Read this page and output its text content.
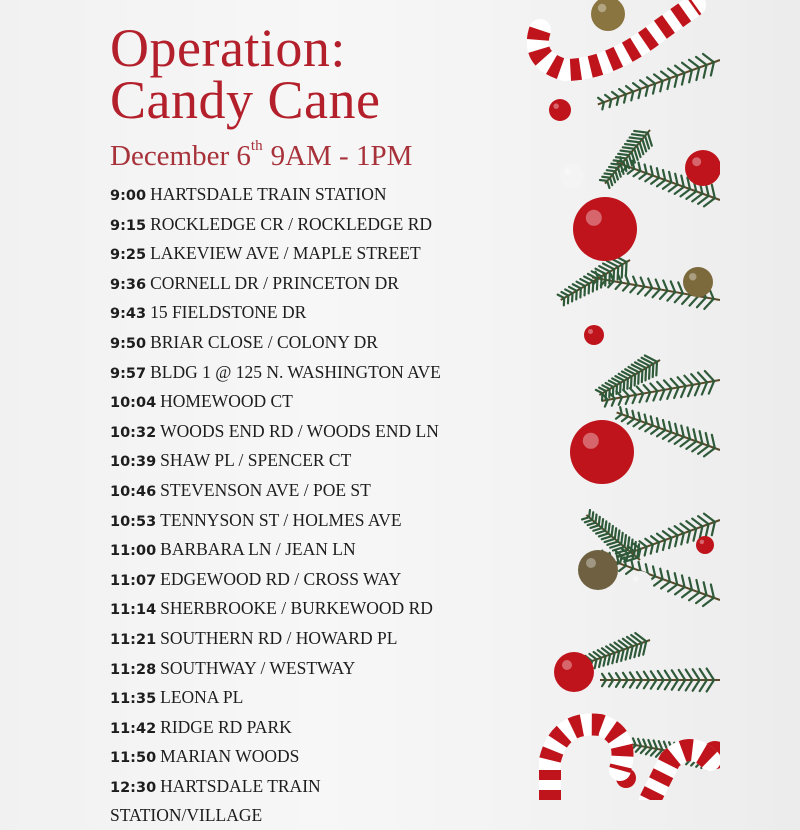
Operation:
Candy Cane
December 6th 9AM - 1PM
9:00 HARTSDALE TRAIN STATION
9:15 ROCKLEDGE CR / ROCKLEDGE RD
9:25 LAKEVIEW AVE / MAPLE STREET
9:36 CORNELL DR / PRINCETON DR
9:43 15 FIELDSTONE DR
9:50 BRIAR CLOSE / COLONY DR
9:57 BLDG 1 @ 125 N. WASHINGTON AVE
10:04 HOMEWOOD CT
10:32 WOODS END RD / WOODS END LN
10:39 SHAW PL / SPENCER CT
10:46 STEVENSON AVE / POE ST
10:53 TENNYSON ST / HOLMES AVE
11:00 BARBARA LN / JEAN LN
11:07 EDGEWOOD RD / CROSS WAY
11:14 SHERBROOKE / BURKEWOOD RD
11:21 SOUTHERN RD / HOWARD PL
11:28 SOUTHWAY / WESTWAY
11:35 LEONA PL
11:42 RIDGE RD PARK
11:50 MARIAN WOODS
12:30 HARTSDALE TRAIN STATION/VILLAGE
